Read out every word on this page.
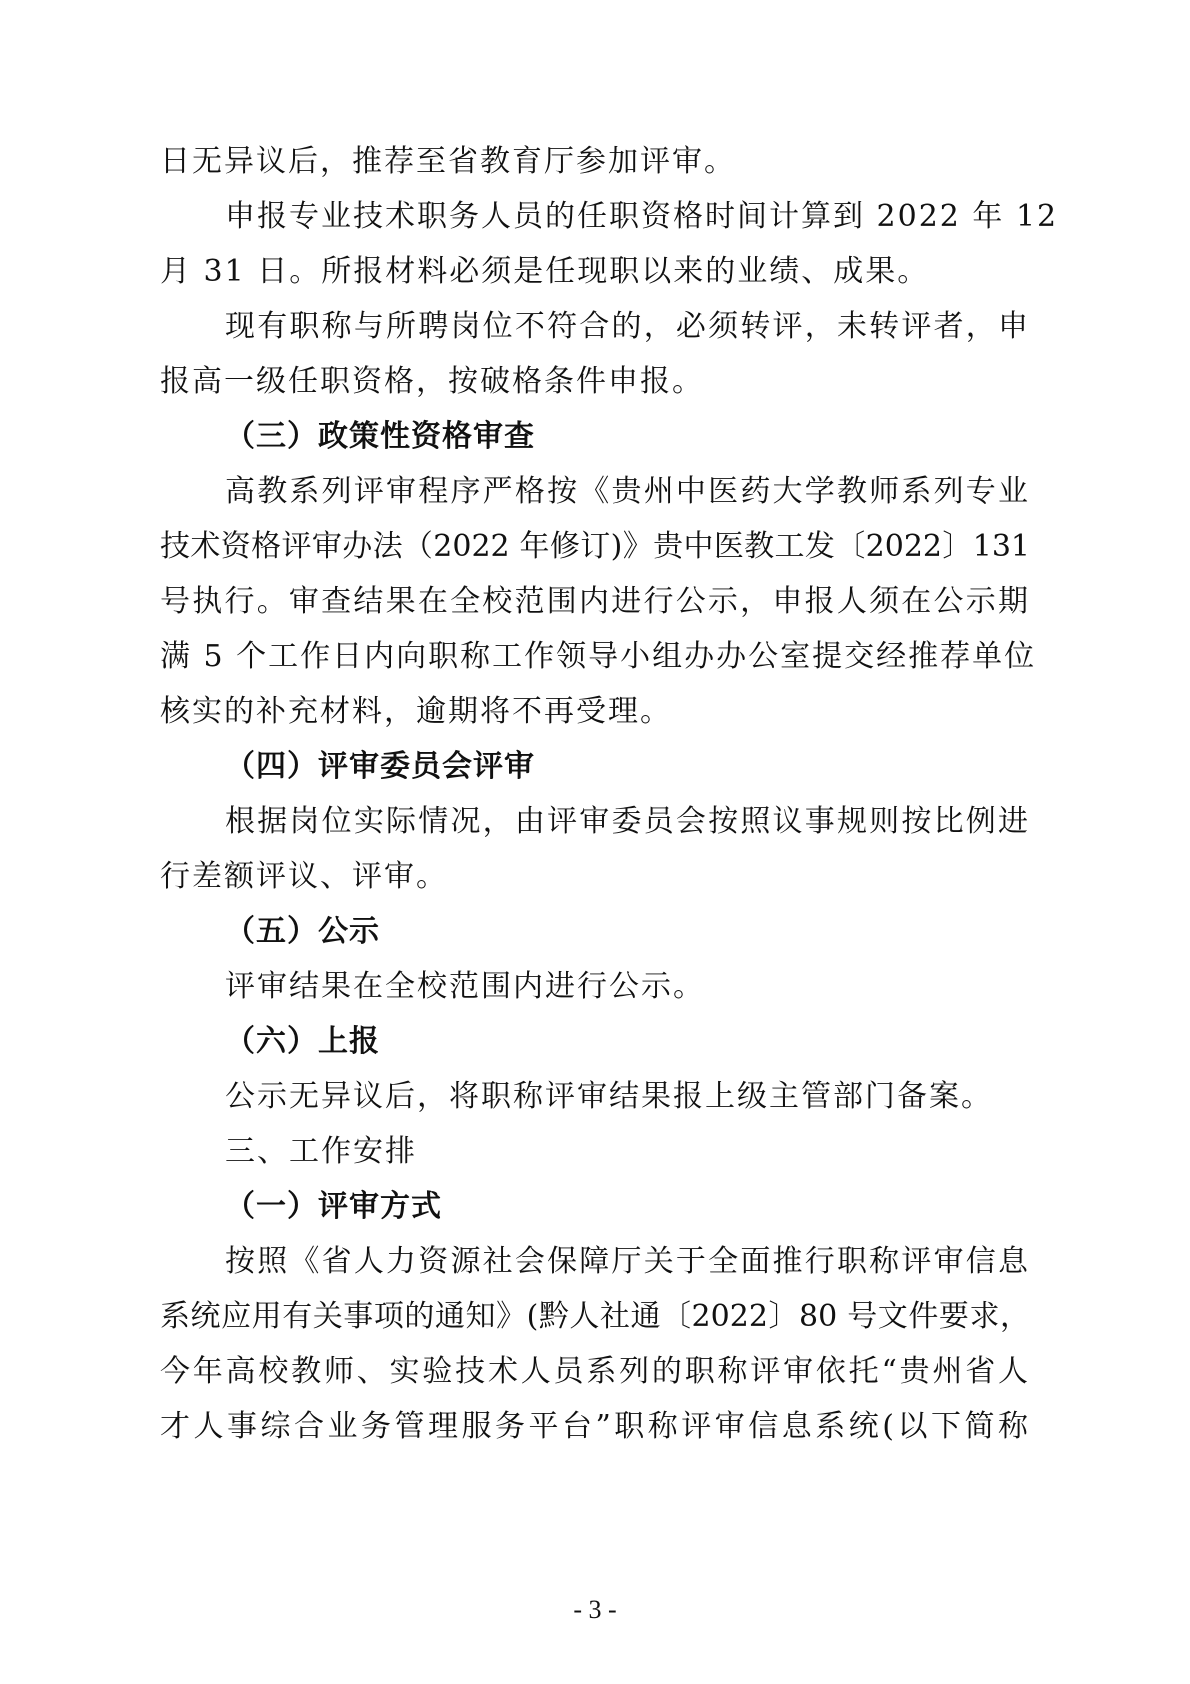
日无异议后，推荐至省教育厅参加评审。
申报专业技术职务人员的任职资格时间计算到 2022 年 12
月 31 日。所报材料必须是任现职以来的业绩、成果。
现有职称与所聘岗位不符合的，必须转评，未转评者，申
报高一级任职资格，按破格条件申报。
（三）政策性资格审查
高教系列评审程序严格按《贵州中医药大学教师系列专业
技术资格评审办法（2022 年修订)》贵中医教工发〔2022〕131
号执行。审查结果在全校范围内进行公示，申报人须在公示期
满 5 个工作日内向职称工作领导小组办办公室提交经推荐单位
核实的补充材料，逾期将不再受理。
（四）评审委员会评审
根据岗位实际情况，由评审委员会按照议事规则按比例进
行差额评议、评审。
（五）公示
评审结果在全校范围内进行公示。
（六）上报
公示无异议后，将职称评审结果报上级主管部门备案。
三、工作安排
（一）评审方式
按照《省人力资源社会保障厅关于全面推行职称评审信息
系统应用有关事项的通知》(黔人社通〔2022〕80 号文件要求，
今年高校教师、实验技术人员系列的职称评审依托“贵州省人
才人事综合业务管理服务平台”职称评审信息系统(以下简称
- 3 -
